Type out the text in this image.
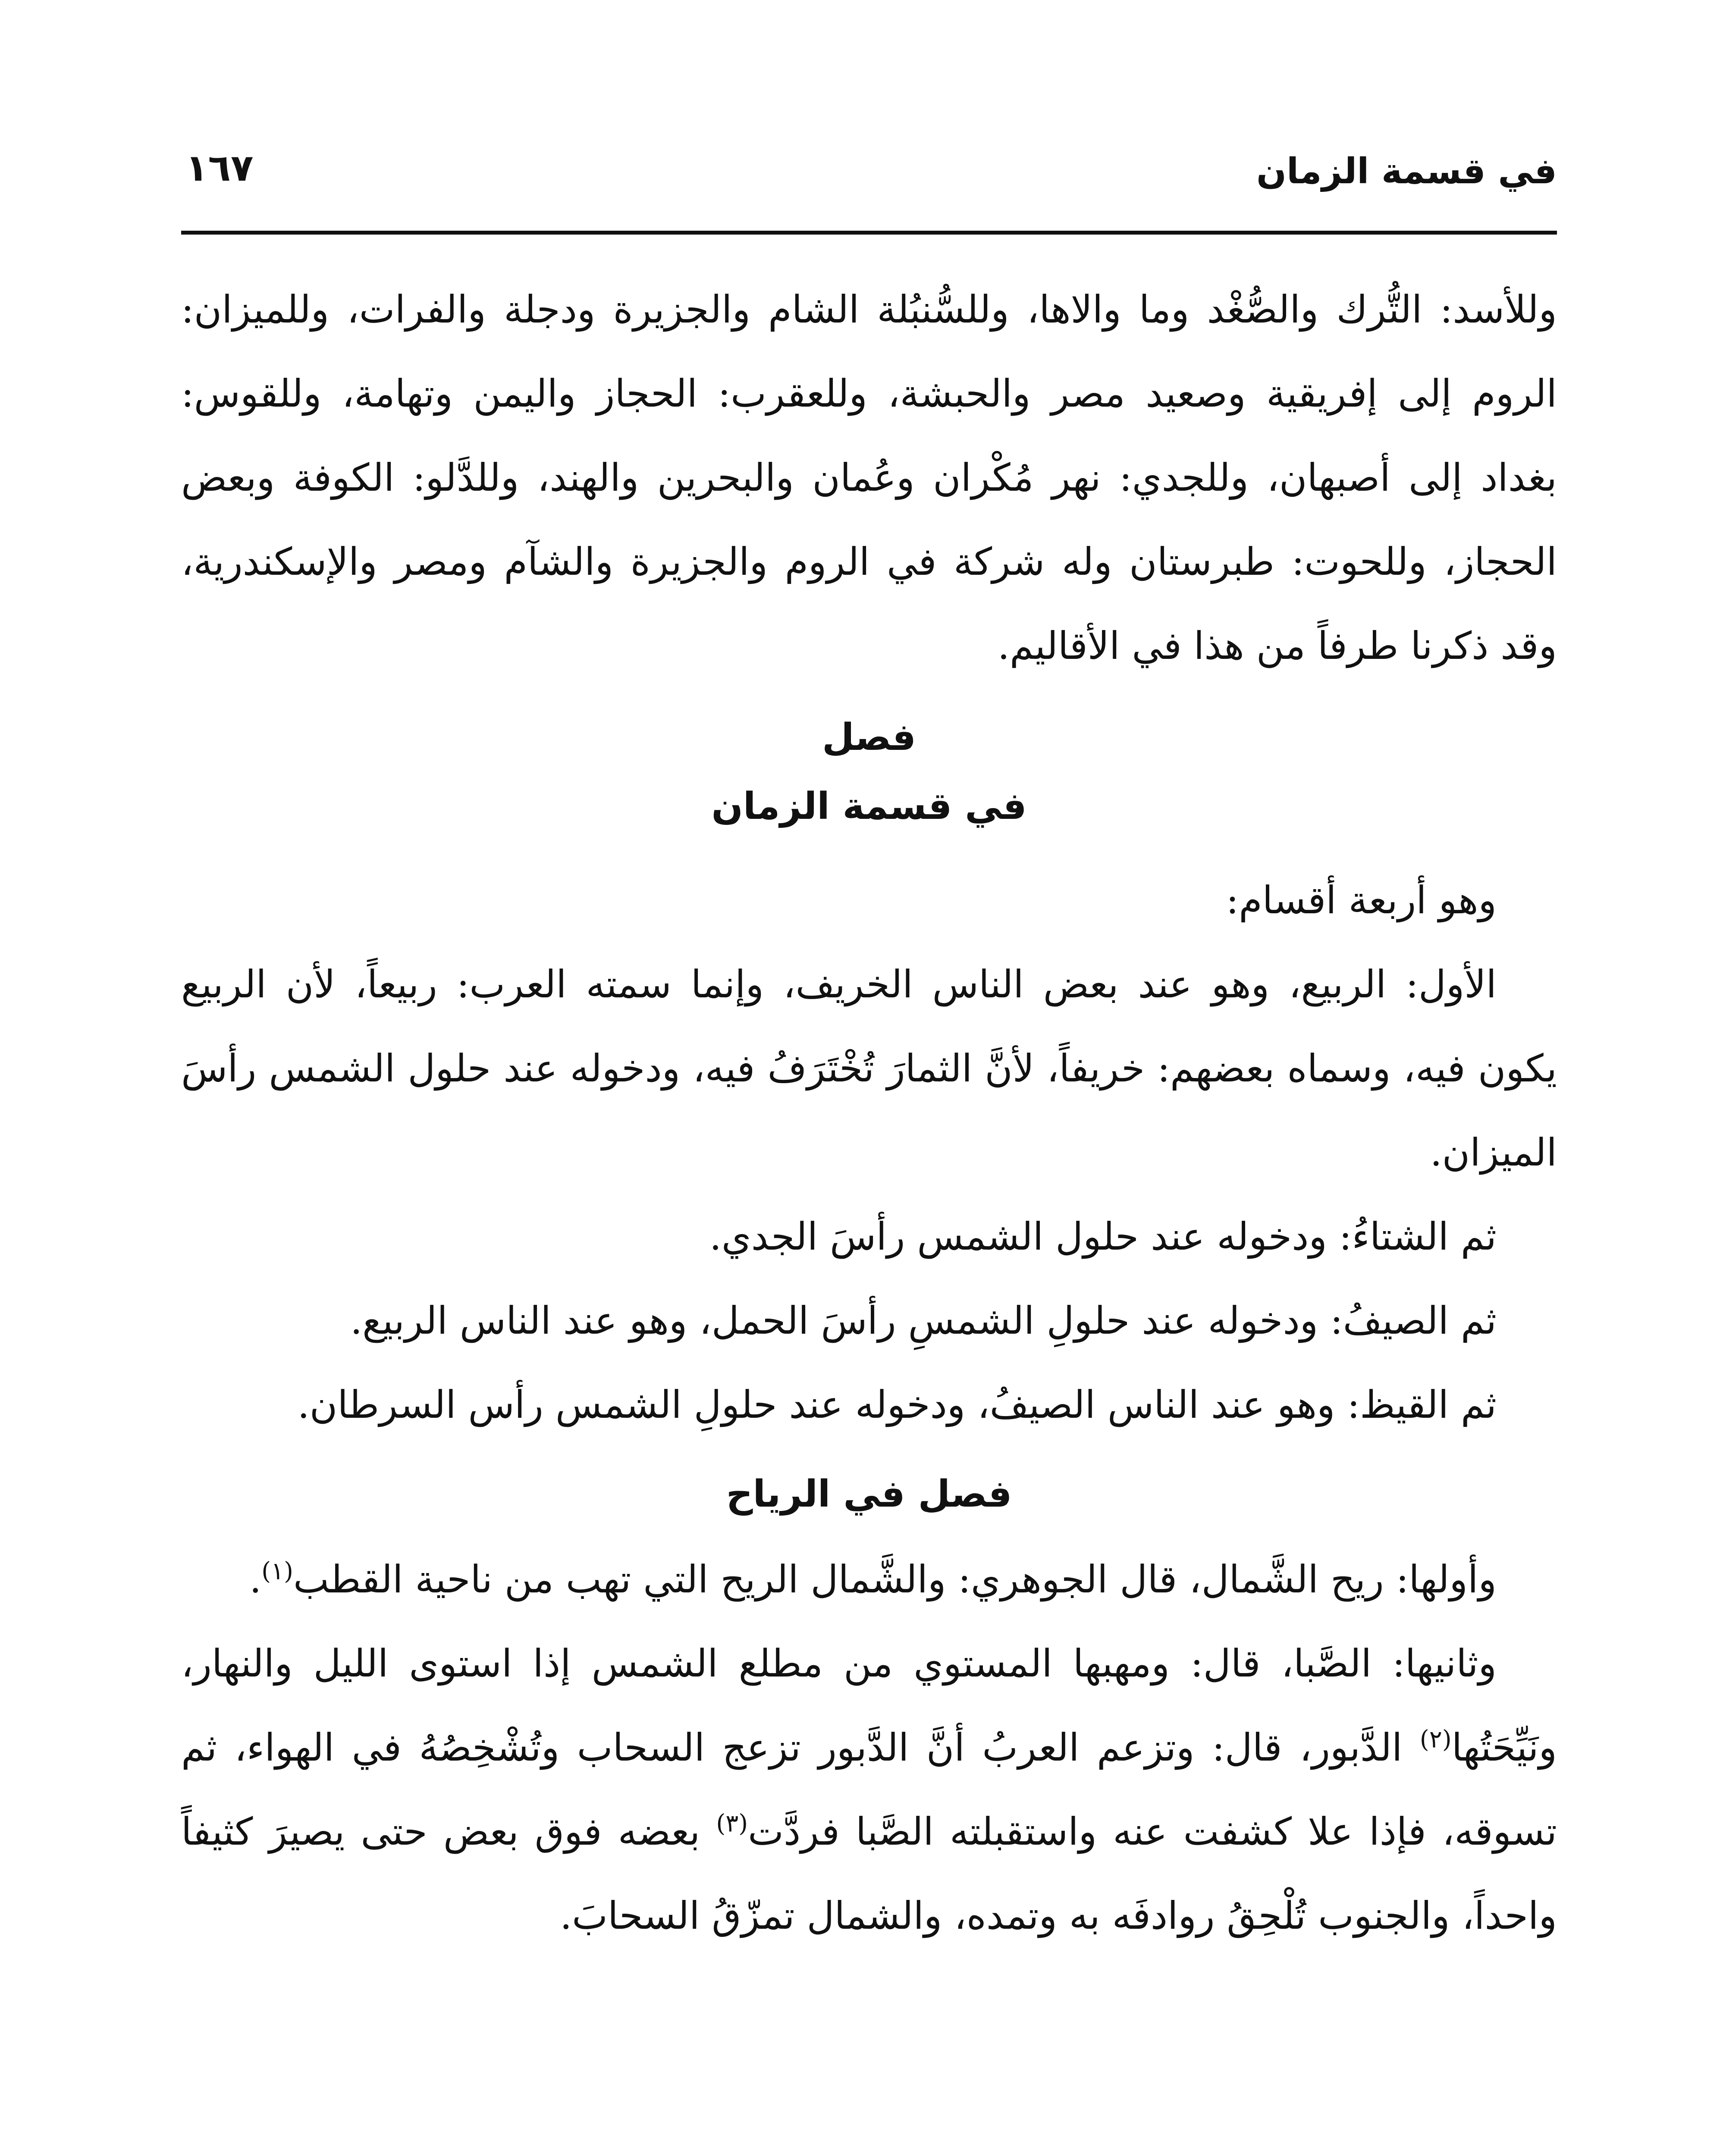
في قسمة الزمان
١٦٧

وللأسد: التُّرك والصُّغْد وما والاها، وللسُّنبُلة الشام والجزيرة ودجلة والفرات، وللميزان: الروم إلى إفريقية وصعيد مصر والحبشة، وللعقرب: الحجاز واليمن وتهامة، وللقوس: بغداد إلى أصبهان، وللجدي: نهر مُكْران وعُمان والبحرين والهند، وللدَّلو: الكوفة وبعض الحجاز، وللحوت: طبرستان وله شركة في الروم والجزيرة والشآم ومصر والإسكندرية، وقد ذكرنا طرفاً من هذا في الأقاليم.

فصل

في قسمة الزمان

وهو أربعة أقسام:

الأول: الربيع، وهو عند بعض الناس الخريف، وإنما سمته العرب: ربيعاً، لأن الربيع يكون فيه، وسماه بعضهم: خريفاً، لأنَّ الثمارَ تُخْتَرَفُ فيه، ودخوله عند حلول الشمس رأسَ الميزان.

ثم الشتاءُ: ودخوله عند حلول الشمس رأسَ الجدي.

ثم الصيفُ: ودخوله عند حلولِ الشمسِ رأسَ الحمل، وهو عند الناس الربيع.

ثم القيظ: وهو عند الناس الصيفُ، ودخوله عند حلولِ الشمس رأس السرطان.

فصل في الرياح

وأولها: ريح الشَّمال، قال الجوهري: والشَّمال الريح التي تهب من ناحية القطب$^{(١)}$.

وثانيها: الصَّبا، قال: ومهبها المستوي من مطلع الشمس إذا استوى الليل والنهار، ونَيِّحَتُها$^{(٢)}$ الدَّبور، قال: وتزعم العربُ أنَّ الدَّبور تزعج السحاب وتُشْخِصُهُ في الهواء، ثم تسوقه، فإذا علا كشفت عنه واستقبلته الصَّبا فردَّت$^{(٣)}$ بعضه فوق بعض حتى يصيرَ كثيفاً واحداً، والجنوب تُلْحِقُ روادفَه به وتمده، والشمال تمزّقُ السحابَ.
